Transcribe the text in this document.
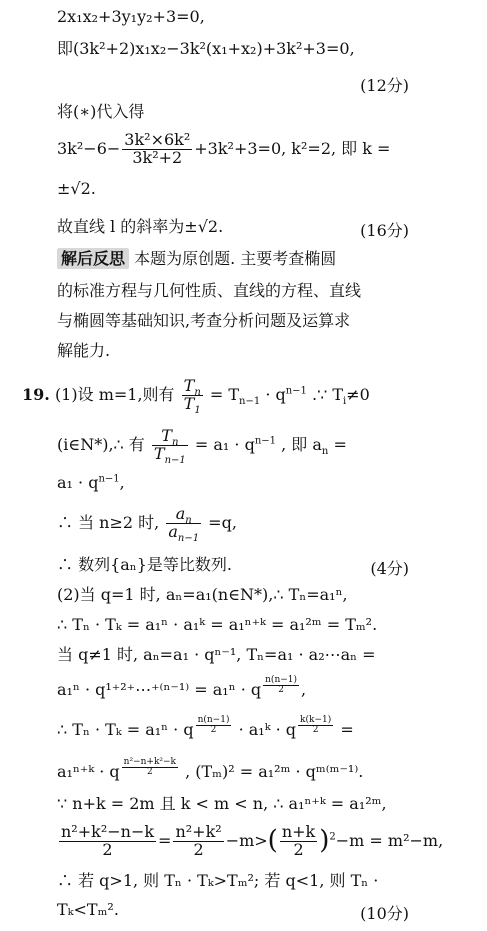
2x₁x₂+3y₁y₂+3=0,
即(3k²+2)x₁x₂−3k²(x₁+x₂)+3k²+3=0,
(12分)
将(∗)代入得
$3k^2-6- \frac{\text{3k²×6k²}}{\text{3k²+2}} +3k^2+3=0$, k²=2, 即 k =
±√2.
故直线 l 的斜率为±√2.	(16分)
解后反思 本题为原创题. 主要考查椭圆
的标准方程与几何性质、直线的方程、直线
与椭圆等基础知识,考查分析问题及运算求
解能力.
19. (1)设 m=1,则有 $\frac{T_n}{T_1} = T_{n-1} \cdot q^{n-1}$ .∵ $T_i\ne 0$
(i∈N*),∴ 有 $\frac{T_n}{T_{n-1}} = a_1 \cdot q^{n-1}$ , 即 $a_n$ =
$a_1 \cdot q^{n-1}$,
∴ 当 n≥2 时, $\frac{a_n}{a_{n-1}} =q$,
∴ 数列{aₙ}是等比数列.	(4分)
(2)当 q=1 时, aₙ=a₁(n∈N*),∴ Tₙ=a₁ⁿ,
∴ Tₙ · Tₖ = a₁ⁿ · a₁ᵏ = a₁ⁿ⁺ᵏ = a₁²ᵐ = Tₘ².
当 q≠1 时, aₙ=a₁ · qⁿ⁻¹, Tₙ=a₁ · a₂⋯aₙ =
a₁ⁿ · q¹⁺²⁺⋯⁺⁽ⁿ⁻¹⁾ = a₁ⁿ · q $^{\frac{n(n-1)}{2}}$ ,
∴ Tₙ · Tₖ = a₁ⁿ · q $^{\frac{n(n-1)}{2}}$ · a₁ᵏ · q $^{\frac{k(k-1)}{2}}$ =
a₁ⁿ⁺ᵏ · q $^{\frac{\text{n²−n+k²−k}}{2}}$ , (Tₘ)² = a₁²ᵐ · qᵐ⁽ᵐ⁻¹⁾.
∵ n+k = 2m 且 k < m < n, ∴ a₁ⁿ⁺ᵏ = a₁²ᵐ,
$\frac{\text{n²+k²−n−k}}{2} = \frac{\text{n²+k²}}{2} -m>( \frac{n+k}{2} )^2-m = m^2-m$,
∴ 若 q>1, 则 Tₙ · Tₖ>Tₘ²; 若 q<1, 则 Tₙ ·
Tₖ<Tₘ².	(10分)
